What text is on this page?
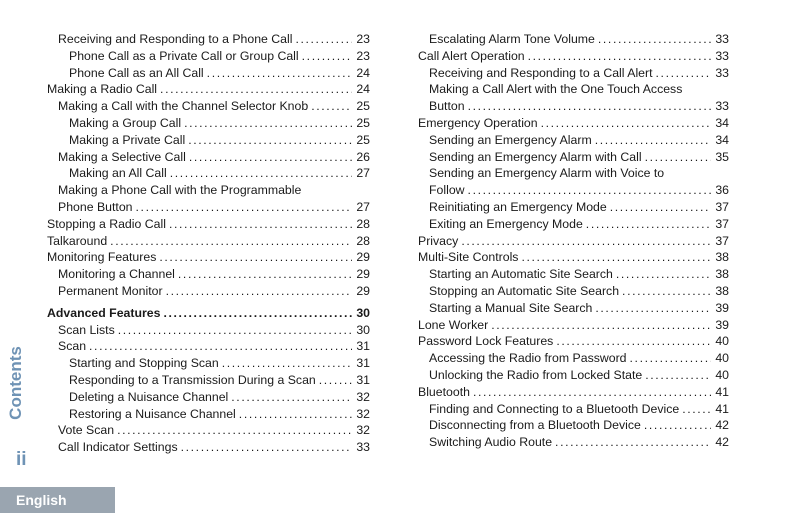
Receiving and Responding to a Phone Call .....	23
Phone Call as a Private Call or Group Call .....	23
Phone Call as an All Call .....	24
Making a Radio Call .....	24
Making a Call with the Channel Selector Knob .....	25
Making a Group Call .....	25
Making a Private Call .....	25
Making a Selective Call .....	26
Making an All Call .....	27
Making a Phone Call with the Programmable
Phone Button .....	27
Stopping a Radio Call .....	28
Talkaround .....	28
Monitoring Features .....	29
Monitoring a Channel .....	29
Permanent Monitor .....	29
Advanced Features .....	30
Scan Lists .....	30
Scan .....	31
Starting and Stopping Scan .....	31
Responding to a Transmission During a Scan .....	31
Deleting a Nuisance Channel .....	32
Restoring a Nuisance Channel .....	32
Vote Scan .....	32
Call Indicator Settings .....	33
Escalating Alarm Tone Volume .....	33
Call Alert Operation .....	33
Receiving and Responding to a Call Alert .....	33
Making a Call Alert with the One Touch Access
Button .....	33
Emergency Operation .....	34
Sending an Emergency Alarm .....	34
Sending an Emergency Alarm with Call .....	35
Sending an Emergency Alarm with Voice to
Follow .....	36
Reinitiating an Emergency Mode .....	37
Exiting an Emergency Mode .....	37
Privacy .....	37
Multi-Site Controls .....	38
Starting an Automatic Site Search .....	38
Stopping an Automatic Site Search .....	38
Starting a Manual Site Search .....	39
Lone Worker .....	39
Password Lock Features .....	40
Accessing the Radio from Password .....	40
Unlocking the Radio from Locked State .....	40
Bluetooth .....	41
Finding and Connecting to a Bluetooth Device .....	41
Disconnecting from a Bluetooth Device .....	42
Switching Audio Route .....	42
Contents
ii
English
